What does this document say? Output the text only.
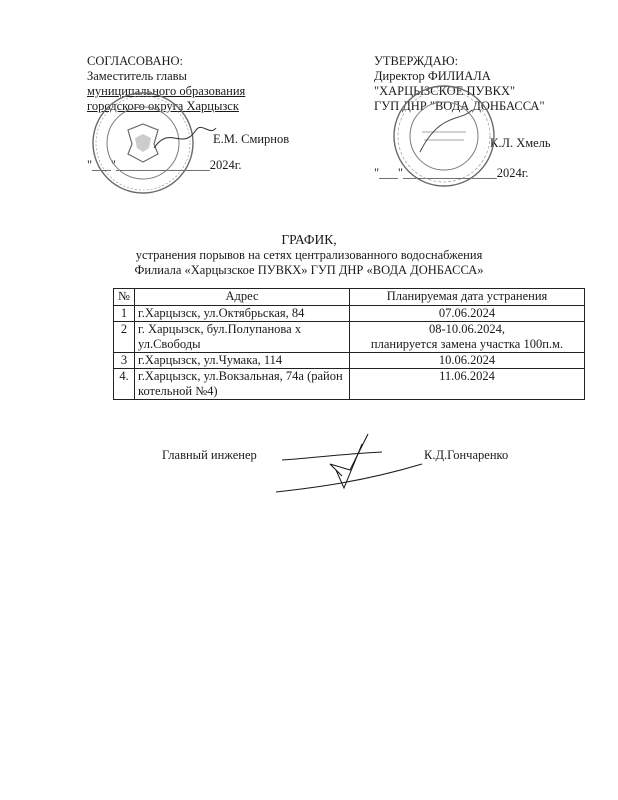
СОГЛАСОВАНО:
Заместитель главы
муниципального образования
городского округа Харцызск
Е.М. Смирнов
"___"_______________2024г.
УТВЕРЖДАЮ:
Директор ФИЛИАЛА
"ХАРЦЫЗСКОЕ ПУВКХ"
ГУП ДНР "ВОДА ДОНБАССА"
К.Л. Хмель
"___"_______________2024г.
ГРАФИК,
устранения порывов на сетях централизованного водоснабжения
Филиала «Харцызское ПУВКХ» ГУП ДНР «ВОДА ДОНБАССА»
№	Адрес	Планируемая дата устранения
1	г.Харцызск, ул.Октябрьская, 84	07.06.2024
2	г. Харцызск, бул.Полупанова х ул.Свободы	08-10.06.2024,
планируется замена участка 100п.м.

3	г.Харцызск, ул.Чумака, 114	10.06.2024
4.	г.Харцызск, ул.Вокзальная, 74а (район котельной №4)	11.06.2024
Главный инженер	К.Д.Гончаренко
